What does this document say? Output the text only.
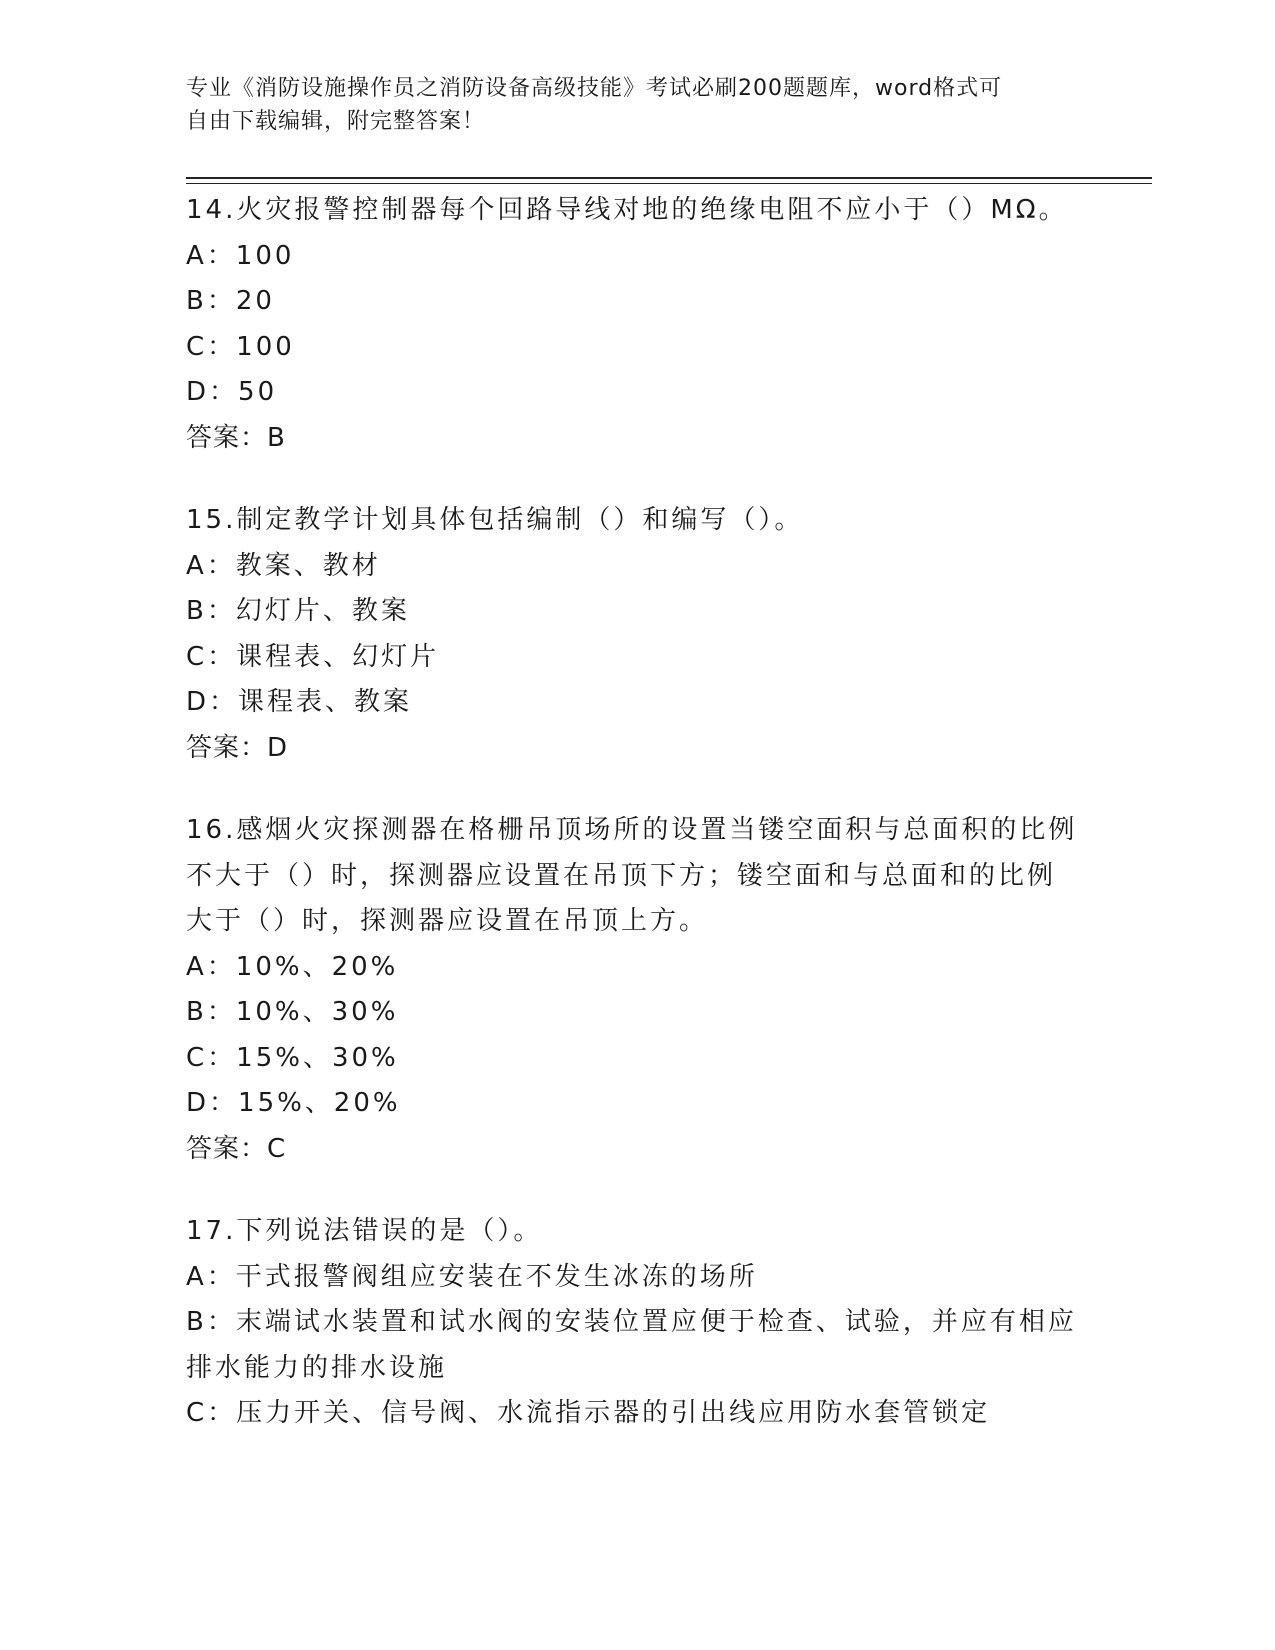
专业《消防设施操作员之消防设备高级技能》考试必刷200题题库，word格式可
自由下载编辑，附完整答案！
14.火灾报警控制器每个回路导线对地的绝缘电阻不应小于（）MΩ。
A：100
B：20
C：100
D：50
答案：B
15.制定教学计划具体包括编制（）和编写（）。
A：教案、教材
B：幻灯片、教案
C：课程表、幻灯片
D：课程表、教案
答案：D
16.感烟火灾探测器在格栅吊顶场所的设置当镂空面积与总面积的比例
不大于（）时，探测器应设置在吊顶下方；镂空面和与总面和的比例
大于（）时，探测器应设置在吊顶上方。
A：10%、20%
B：10%、30%
C：15%、30%
D：15%、20%
答案：C
17.下列说法错误的是（）。
A：干式报警阀组应安装在不发生冰冻的场所
B：末端试水装置和试水阀的安装位置应便于检查、试验，并应有相应
排水能力的排水设施
C：压力开关、信号阀、水流指示器的引出线应用防水套管锁定
